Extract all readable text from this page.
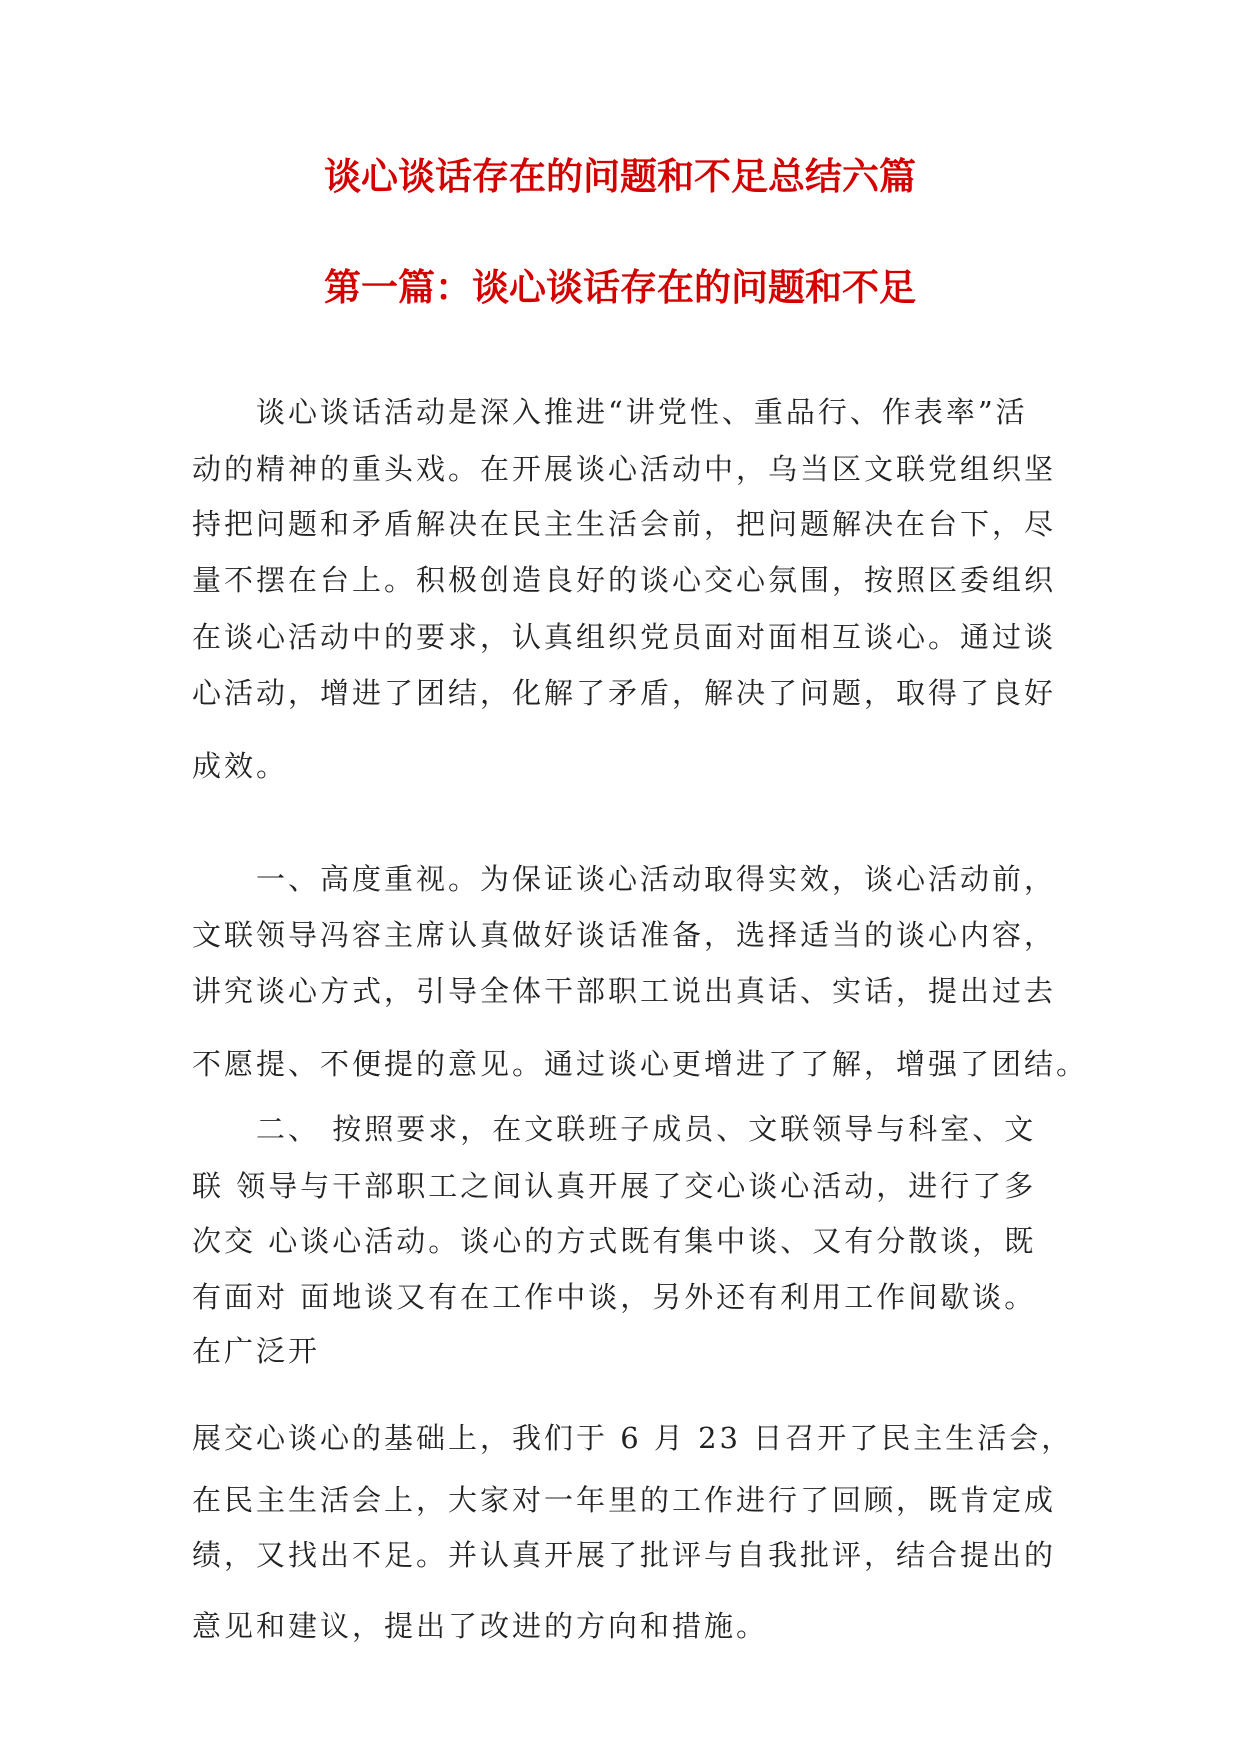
谈心谈话存在的问题和不足总结六篇
第一篇：谈心谈话存在的问题和不足

　　谈心谈话活动是深入推进“讲党性、重品行、作表率”活

动的精神的重头戏。在开展谈心活动中，乌当区文联党组织坚

持把问题和矛盾解决在民主生活会前，把问题解决在台下，尽

量不摆在台上。积极创造良好的谈心交心氛围，按照区委组织

在谈心活动中的要求，认真组织党员面对面相互谈心。通过谈

心活动，增进了团结，化解了矛盾，解决了问题，取得了良好

成效。

　　一、高度重视。为保证谈心活动取得实效，谈心活动前，

文联领导冯容主席认真做好谈话准备，选择适当的谈心内容，

讲究谈心方式，引导全体干部职工说出真话、实话，提出过去

不愿提、不便提的意见。通过谈心更增进了了解，增强了团结。

　　二、 按照要求，在文联班子成员、文联领导与科室、文

联 领导与干部职工之间认真开展了交心谈心活动，进行了多

次交 心谈心活动。谈心的方式既有集中谈、又有分散谈，既

有面对 面地谈又有在工作中谈，另外还有利用工作间歇谈。

在广泛开

展交心谈心的基础上，我们于 6 月 23 日召开了民主生活会，

在民主生活会上，大家对一年里的工作进行了回顾，既肯定成

绩，又找出不足。并认真开展了批评与自我批评，结合提出的

意见和建议，提出了改进的方向和措施。
